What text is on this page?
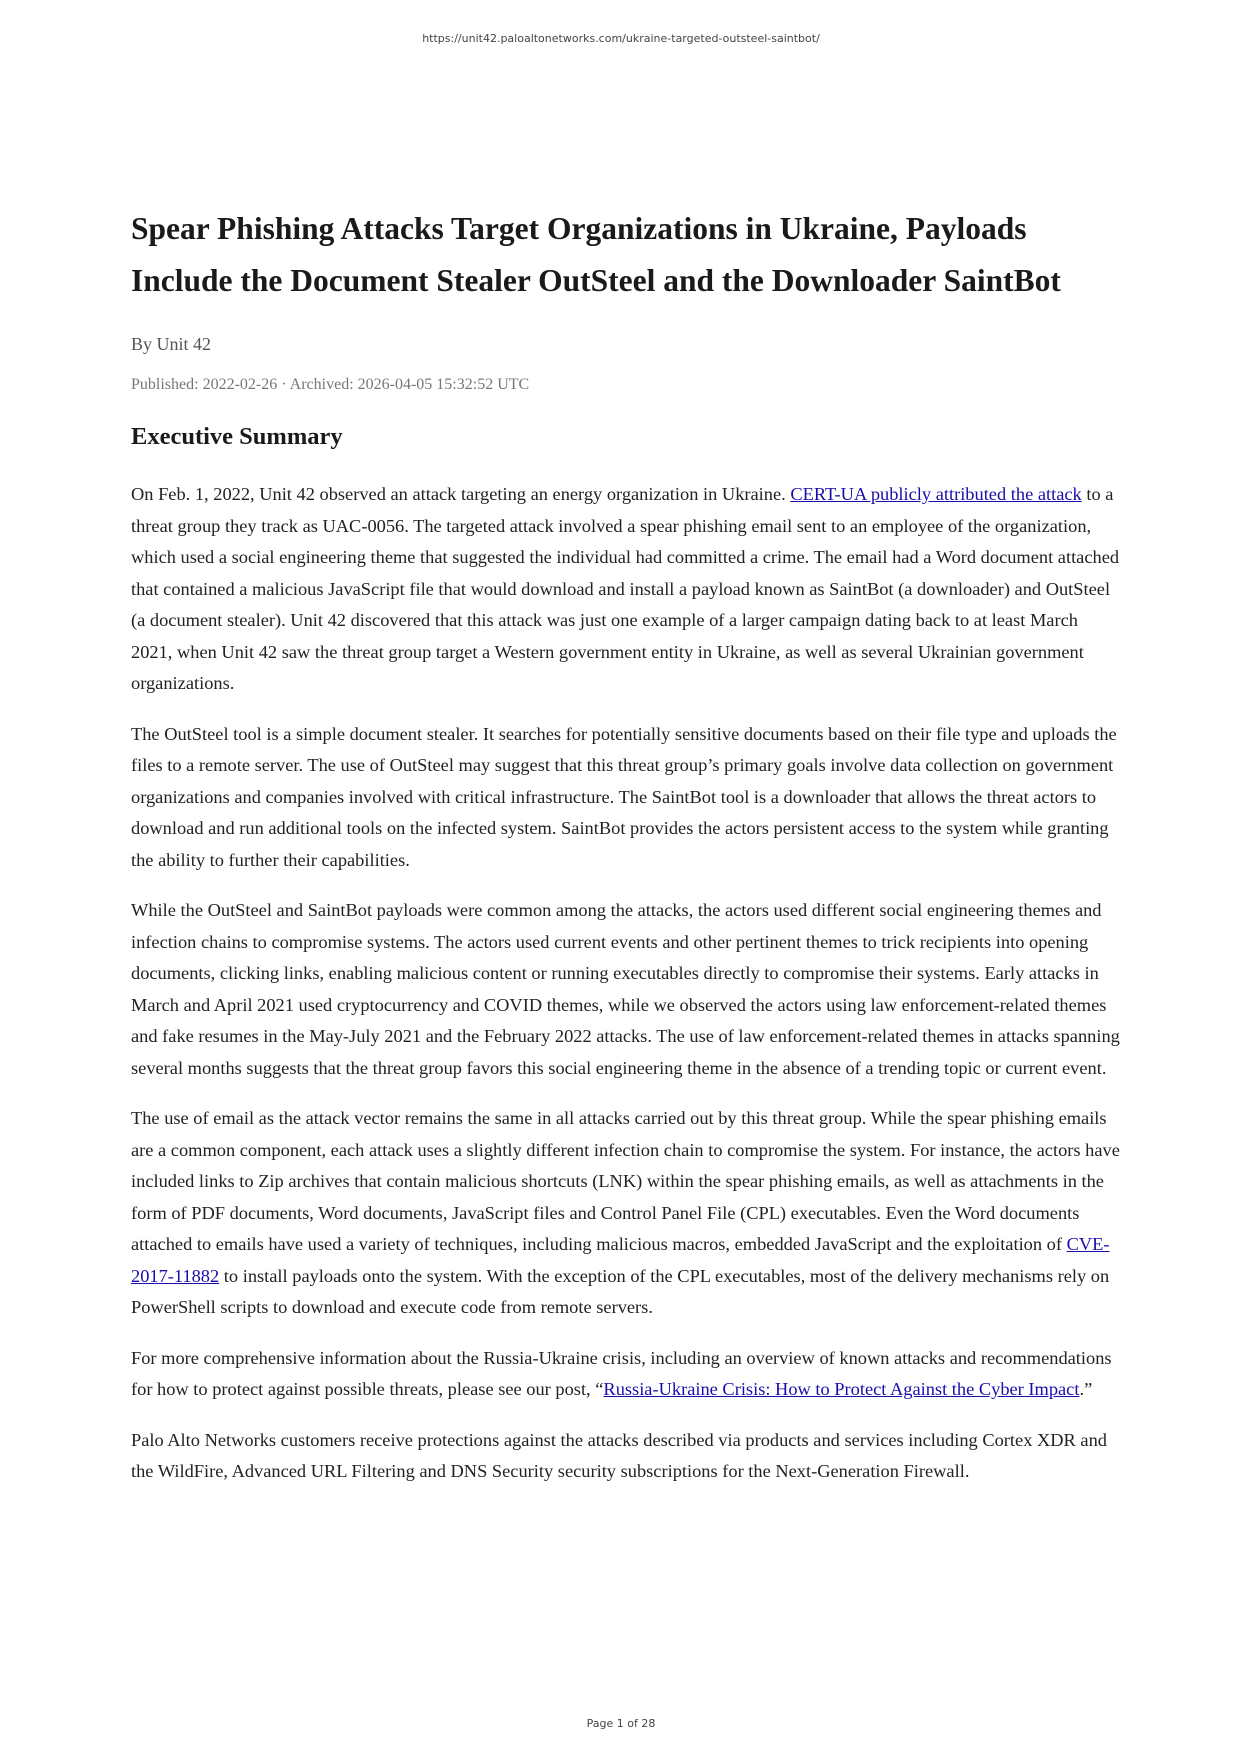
https://unit42.paloaltonetworks.com/ukraine-targeted-outsteel-saintbot/
Spear Phishing Attacks Target Organizations in Ukraine, Payloads Include the Document Stealer OutSteel and the Downloader SaintBot
By Unit 42
Published: 2022-02-26 · Archived: 2026-04-05 15:32:52 UTC
Executive Summary

On Feb. 1, 2022, Unit 42 observed an attack targeting an energy organization in Ukraine. CERT-UA publicly attributed the attack to a threat group they track as UAC-0056. The targeted attack involved a spear phishing email sent to an employee of the organization, which used a social engineering theme that suggested the individual had committed a crime. The email had a Word document attached that contained a malicious JavaScript file that would download and install a payload known as SaintBot (a downloader) and OutSteel (a document stealer). Unit 42 discovered that this attack was just one example of a larger campaign dating back to at least March 2021, when Unit 42 saw the threat group target a Western government entity in Ukraine, as well as several Ukrainian government organizations.

The OutSteel tool is a simple document stealer. It searches for potentially sensitive documents based on their file type and uploads the files to a remote server. The use of OutSteel may suggest that this threat group’s primary goals involve data collection on government organizations and companies involved with critical infrastructure. The SaintBot tool is a downloader that allows the threat actors to download and run additional tools on the infected system. SaintBot provides the actors persistent access to the system while granting the ability to further their capabilities.

While the OutSteel and SaintBot payloads were common among the attacks, the actors used different social engineering themes and infection chains to compromise systems. The actors used current events and other pertinent themes to trick recipients into opening documents, clicking links, enabling malicious content or running executables directly to compromise their systems. Early attacks in March and April 2021 used cryptocurrency and COVID themes, while we observed the actors using law enforcement-related themes and fake resumes in the May-July 2021 and the February 2022 attacks. The use of law enforcement-related themes in attacks spanning several months suggests that the threat group favors this social engineering theme in the absence of a trending topic or current event.

The use of email as the attack vector remains the same in all attacks carried out by this threat group. While the spear phishing emails are a common component, each attack uses a slightly different infection chain to compromise the system. For instance, the actors have included links to Zip archives that contain malicious shortcuts (LNK) within the spear phishing emails, as well as attachments in the form of PDF documents, Word documents, JavaScript files and Control Panel File (CPL) executables. Even the Word documents attached to emails have used a variety of techniques, including malicious macros, embedded JavaScript and the exploitation of CVE-2017-11882 to install payloads onto the system. With the exception of the CPL executables, most of the delivery mechanisms rely on PowerShell scripts to download and execute code from remote servers.

For more comprehensive information about the Russia-Ukraine crisis, including an overview of known attacks and recommendations for how to protect against possible threats, please see our post, “Russia-Ukraine Crisis: How to Protect Against the Cyber Impact.”

Palo Alto Networks customers receive protections against the attacks described via products and services including Cortex XDR and the WildFire, Advanced URL Filtering and DNS Security security subscriptions for the Next-Generation Firewall.

Page 1 of 28
